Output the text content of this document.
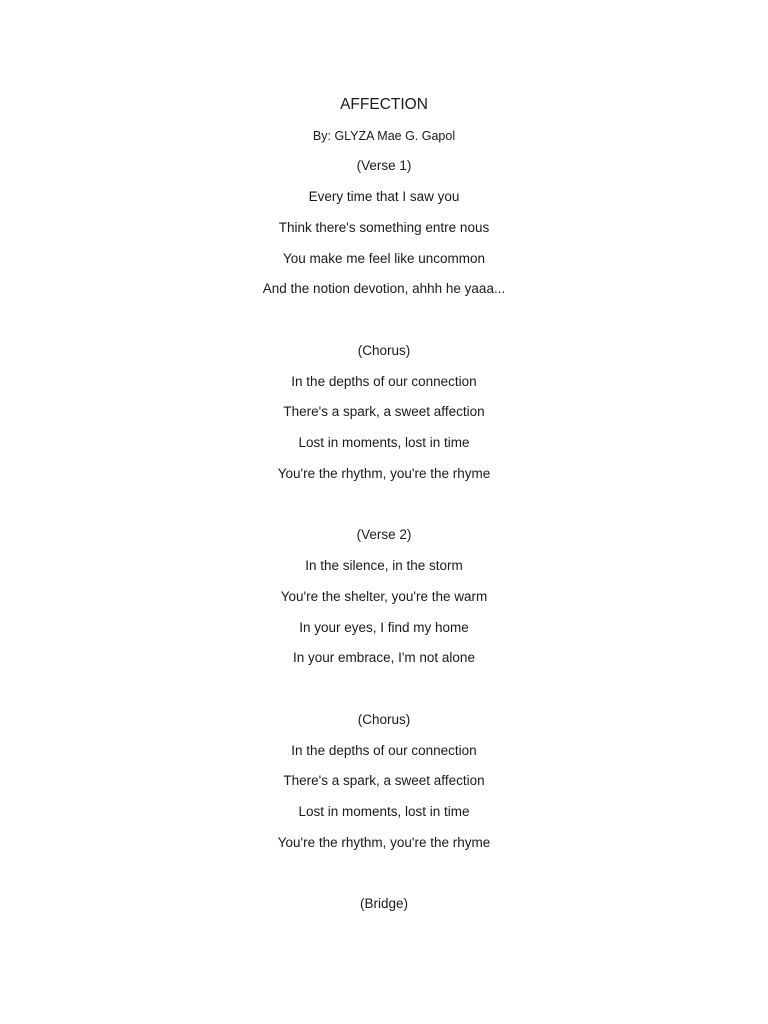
AFFECTION
By: GLYZA Mae G. Gapol
(Verse 1)
Every time that I saw you
Think there's something entre nous
You make me feel like uncommon
And the notion devotion, ahhh he yaaa...
(Chorus)
In the depths of our connection
There's a spark, a sweet affection
Lost in moments, lost in time
You're the rhythm, you're the rhyme
(Verse 2)
In the silence, in the storm
You're the shelter, you're the warm
In your eyes, I find my home
In your embrace, I'm not alone
(Chorus)
In the depths of our connection
There's a spark, a sweet affection
Lost in moments, lost in time
You're the rhythm, you're the rhyme
(Bridge)
